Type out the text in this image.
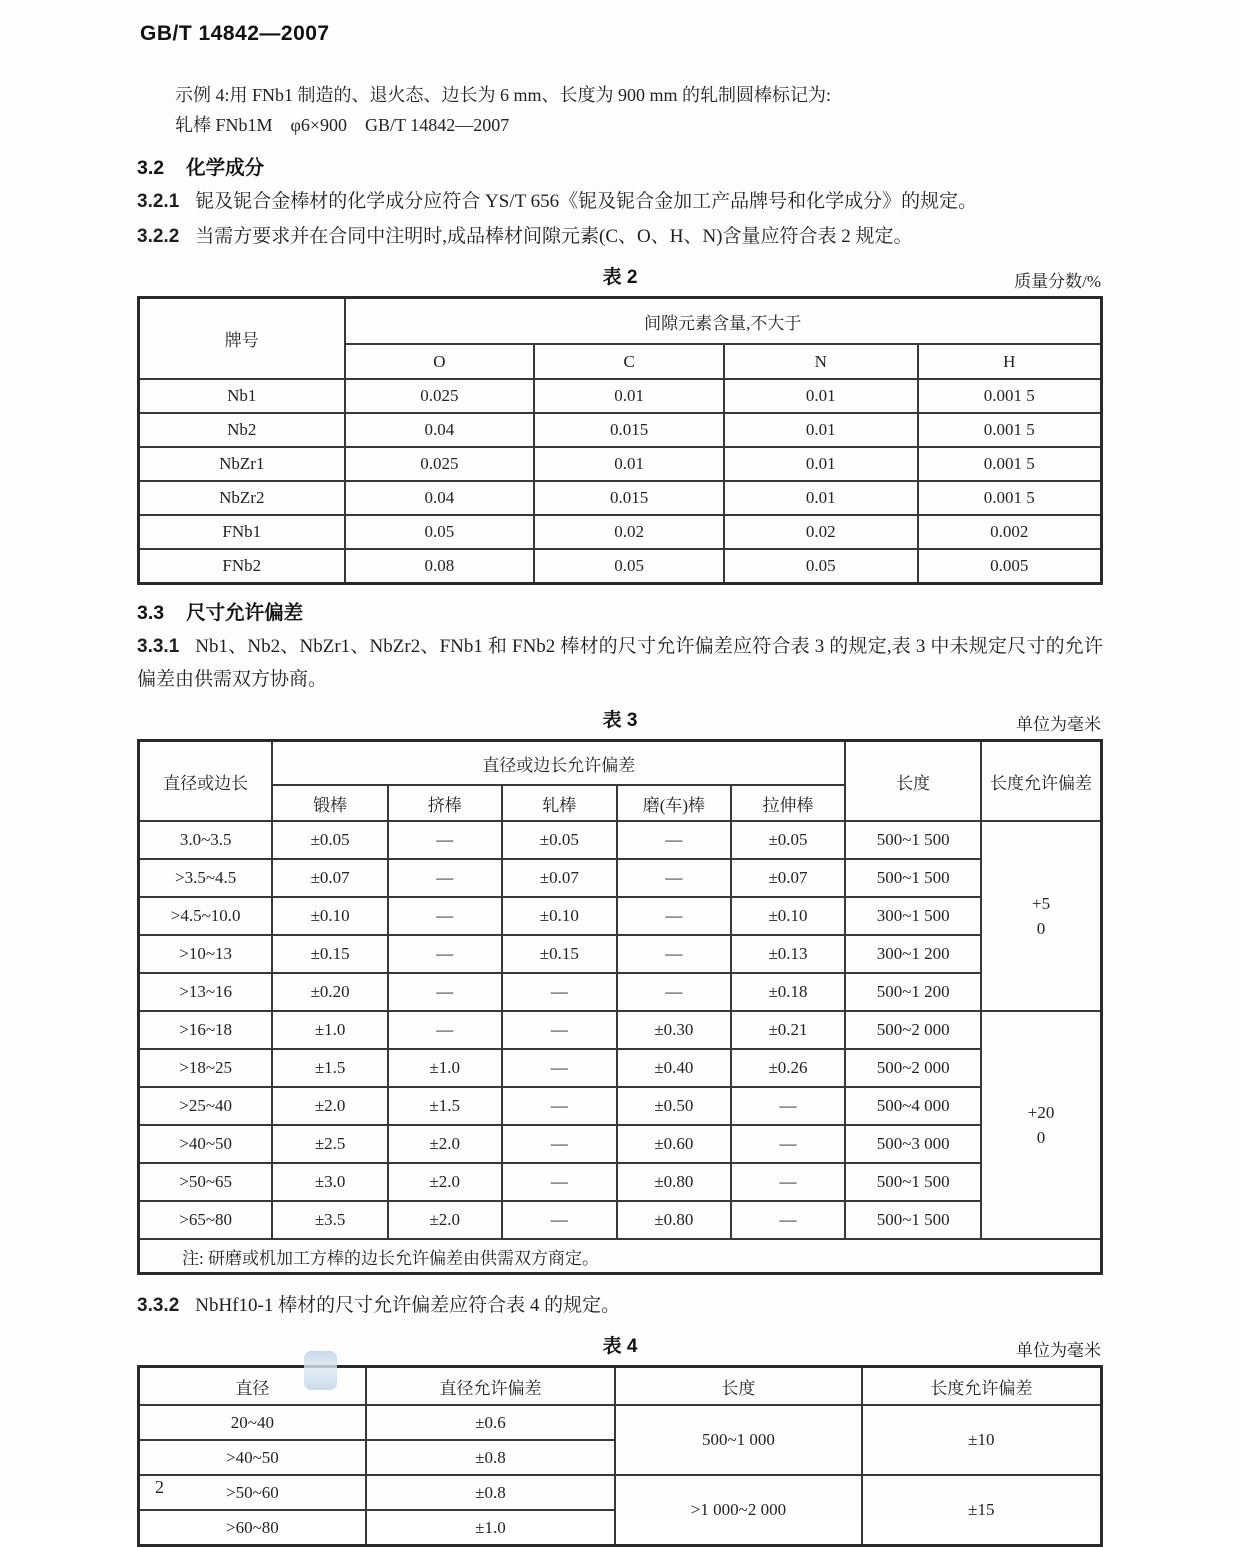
GB/T 14842—2007
示例 4:用 FNb1 制造的、退火态、边长为 6 mm、长度为 900 mm 的轧制圆棒标记为:
轧棒 FNb1M　φ6×900　GB/T 14842—2007
3.2 化学成分

3.2.1 铌及铌合金棒材的化学成分应符合 YS/T 656《铌及铌合金加工产品牌号和化学成分》的规定。

3.2.2 当需方要求并在合同中注明时,成品棒材间隙元素(C、O、H、N)含量应符合表 2 规定。

表 2	质量分数/%
牌号	间隙元素含量,不大于			
	O	C	N	H
Nb1	0.025	0.01	0.01	0.001 5
Nb2	0.04	0.015	0.01	0.001 5
NbZr1	0.025	0.01	0.01	0.001 5
NbZr2	0.04	0.015	0.01	0.001 5
FNb1	0.05	0.02	0.02	0.002
FNb2	0.08	0.05	0.05	0.005
3.3 尺寸允许偏差

3.3.1 Nb1、Nb2、NbZr1、NbZr2、FNb1 和 FNb2 棒材的尺寸允许偏差应符合表 3 的规定,表 3 中未规定尺寸的允许偏差由供需双方协商。

表 3	单位为毫米
直径或边长	直径或边长允许偏差					长度	长度允许偏差
	锻棒	挤棒	轧棒	磨(车)棒	拉伸棒		
3.0~3.5	±0.05	—	±0.05	—	±0.05	500~1 500	+5
0

>3.5~4.5	±0.07	—	±0.07	—	±0.07	500~1 500	
>4.5~10.0	±0.10	—	±0.10	—	±0.10	300~1 500	
>10~13	±0.15	—	±0.15	—	±0.13	300~1 200	
>13~16	±0.20	—	—	—	±0.18	500~1 200	
>16~18	±1.0	—	—	±0.30	±0.21	500~2 000	+20
0

>18~25	±1.5	±1.0	—	±0.40	±0.26	500~2 000	
>25~40	±2.0	±1.5	—	±0.50	—	500~4 000	
>40~50	±2.5	±2.0	—	±0.60	—	500~3 000	
>50~65	±3.0	±2.0	—	±0.80	—	500~1 500	
>65~80	±3.5	±2.0	—	±0.80	—	500~1 500	
注: 研磨或机加工方棒的边长允许偏差由供需双方商定。							

3.3.2 NbHf10-1 棒材的尺寸允许偏差应符合表 4 的规定。

表 4	单位为毫米
直径	直径允许偏差	长度	长度允许偏差
20~40	±0.6	500~1 000	±10
>40~50	±0.8		
>50~60	±0.8	>1 000~2 000	±15
>60~80	±1.0		
2
